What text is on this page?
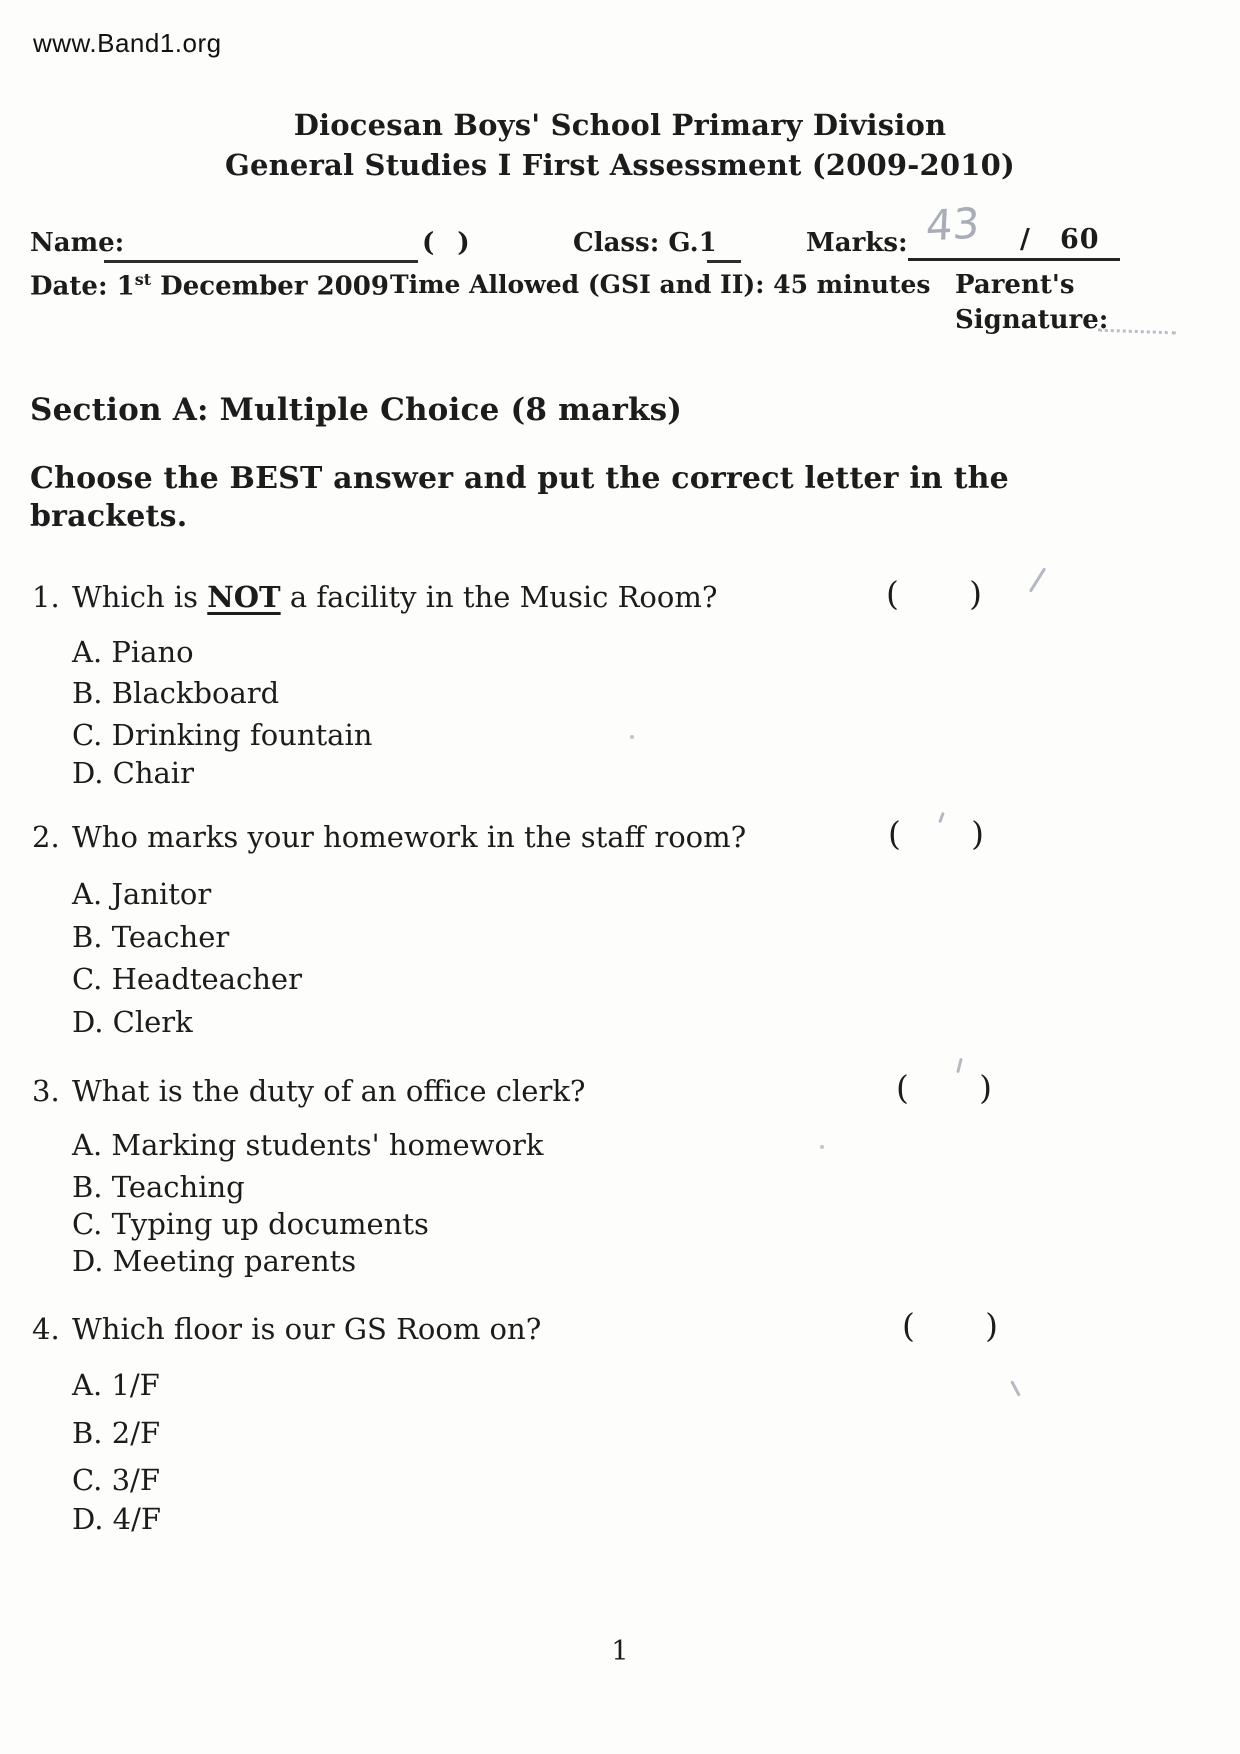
www.Band1.org
Diocesan Boys' School Primary Division
General Studies I First Assessment (2009-2010)
Name:	( )	Class: G.1	Marks: 43 / 60
Date: 1st December 2009 Time Allowed (GSI and II): 45 minutes Parent's
Signature:
Section A: Multiple Choice (8 marks)
Choose the BEST answer and put the correct letter in the
brackets.
1. Which is NOT a facility in the Music Room?	( )
A. Piano
B. Blackboard
C. Drinking fountain
D. Chair
2. Who marks your homework in the staff room?	( )
A. Janitor
B. Teacher
C. Headteacher
D. Clerk
3. What is the duty of an office clerk?	( )
A. Marking students' homework
B. Teaching
C. Typing up documents
D. Meeting parents
4. Which floor is our GS Room on?	( )
A. 1/F
B. 2/F
C. 3/F
D. 4/F
1
